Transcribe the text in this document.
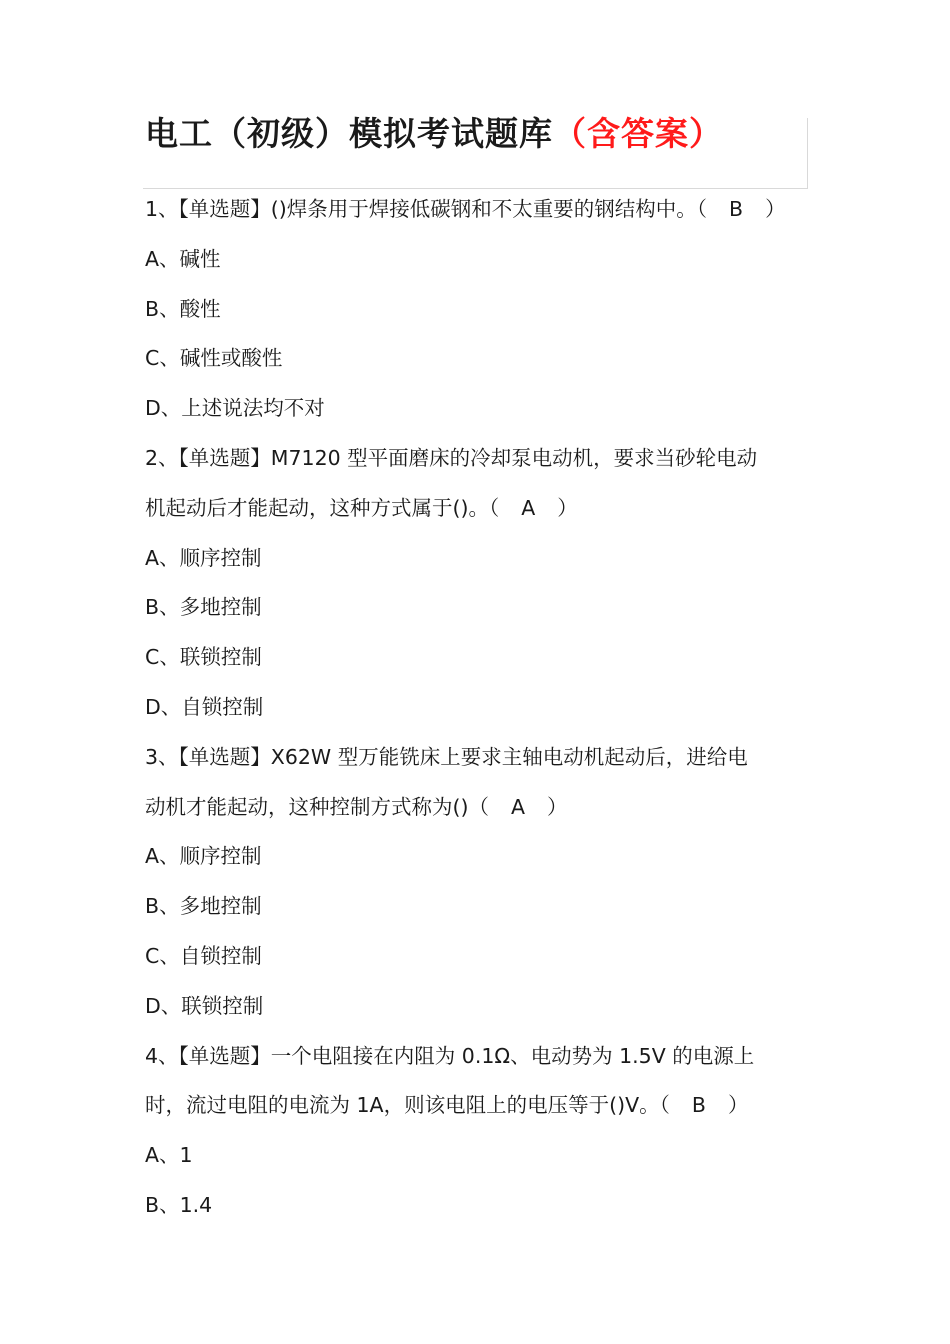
电工（初级）模拟考试题库（含答案）
1、【单选题】()焊条用于焊接低碳钢和不太重要的钢结构中。（ B ）
A、碱性
B、酸性
C、碱性或酸性
D、上述说法均不对
2、【单选题】M7120 型平面磨床的冷却泵电动机，要求当砂轮电动
机起动后才能起动，这种方式属于()。（ A ）
A、顺序控制
B、多地控制
C、联锁控制
D、自锁控制
3、【单选题】X62W 型万能铣床上要求主轴电动机起动后，进给电
动机才能起动，这种控制方式称为()（ A ）
A、顺序控制
B、多地控制
C、自锁控制
D、联锁控制
4、【单选题】一个电阻接在内阻为 0.1Ω、电动势为 1.5V 的电源上
时，流过电阻的电流为 1A，则该电阻上的电压等于()V。（ B ）
A、1
B、1.4
